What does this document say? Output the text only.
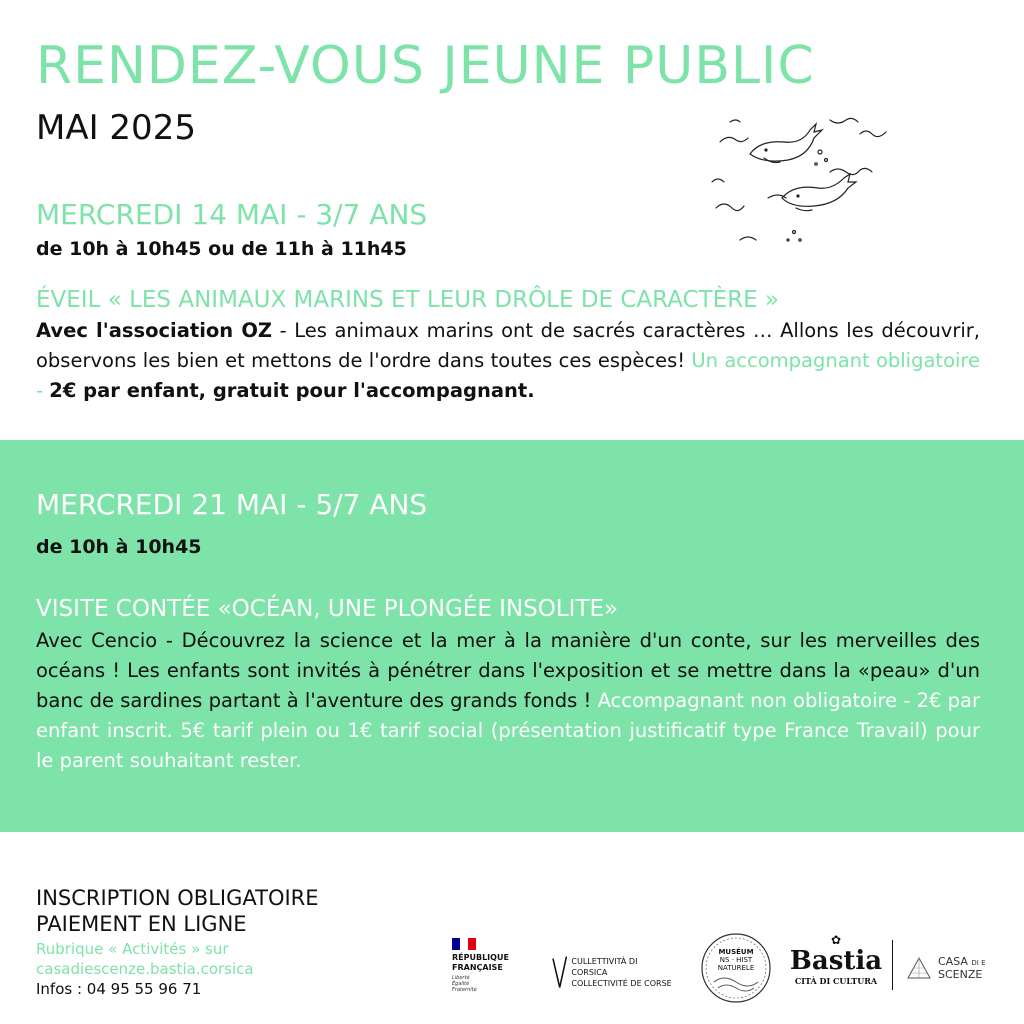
RENDEZ-VOUS JEUNE PUBLIC
MAI 2025
MERCREDI 14 MAI - 3/7 ANS
de 10h à 10h45 ou de 11h à 11h45
ÉVEIL « LES ANIMAUX MARINS ET LEUR DRÔLE DE CARACTÈRE »
Avec l'association OZ - Les animaux marins ont de sacrés caractères … Allons les découvrir, observons les bien et mettons de l'ordre dans toutes ces espèces! Un accompagnant obligatoire - 2€ par enfant, gratuit pour l'accompagnant.
MERCREDI 21 MAI - 5/7 ANS
de 10h à 10h45
VISITE CONTÉE «OCÉAN, UNE PLONGÉE INSOLITE»
Avec Cencio - Découvrez la science et la mer à la manière d'un conte, sur les merveilles des océans ! Les enfants sont invités à pénétrer dans l'exposition et se mettre dans la «peau» d'un banc de sardines partant à l'aventure des grands fonds ! Accompagnant non obligatoire - 2€ par enfant inscrit. 5€ tarif plein ou 1€ tarif social (présentation justificatif type France Travail) pour le parent souhaitant rester.
INSCRIPTION OBLIGATOIRE
PAIEMENT EN LIGNE
Rubrique « Activités » sur
casadiescenze.bastia.corsica
Infos : 04 95 55 96 71
RÉPUBLIQUE
FRANÇAISE
Liberté
Égalité
Fraternité
CULLETTIVITÀ DI CORSICA
COLLECTIVITÉ DE CORSE
MUSÉUM
NS · HIST
NATURELE
✿
Bastia
CITÀ DI CULTURA
CASA DI E
SCENZE
